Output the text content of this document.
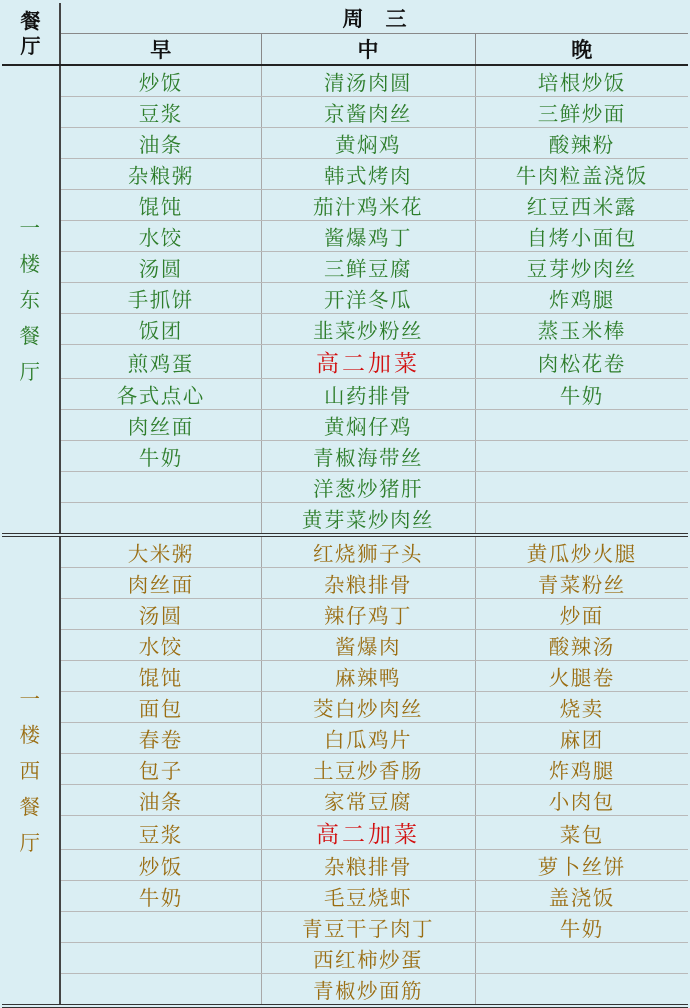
餐厅	周三		
	早	中	晚

一
楼
东
餐
厅	炒饭	清汤肉圆	培根炒饭
	豆浆	京酱肉丝	三鲜炒面
	油条	黄焖鸡	酸辣粉
	杂粮粥	韩式烤肉	牛肉粒盖浇饭
	馄饨	茄汁鸡米花	红豆西米露
	水饺	酱爆鸡丁	自烤小面包
	汤圆	三鲜豆腐	豆芽炒肉丝
	手抓饼	开洋冬瓜	炸鸡腿
	饭团	韭菜炒粉丝	蒸玉米棒
	煎鸡蛋	高二加菜	肉松花卷
	各式点心	山药排骨	牛奶
	肉丝面	黄焖仔鸡	
	牛奶	青椒海带丝	
		洋葱炒猪肝	
		黄芽菜炒肉丝	

一
楼
西
餐
厅	大米粥	红烧狮子头	黄瓜炒火腿
	肉丝面	杂粮排骨	青菜粉丝
	汤圆	辣仔鸡丁	炒面
	水饺	酱爆肉	酸辣汤
	馄饨	麻辣鸭	火腿卷
	面包	茭白炒肉丝	烧卖
	春卷	白瓜鸡片	麻团
	包子	土豆炒香肠	炸鸡腿
	油条	家常豆腐	小肉包
	豆浆	高二加菜	菜包
	炒饭	杂粮排骨	萝卜丝饼
	牛奶	毛豆烧虾	盖浇饭
		青豆干子肉丁	牛奶
		西红柿炒蛋	
		青椒炒面筋	
